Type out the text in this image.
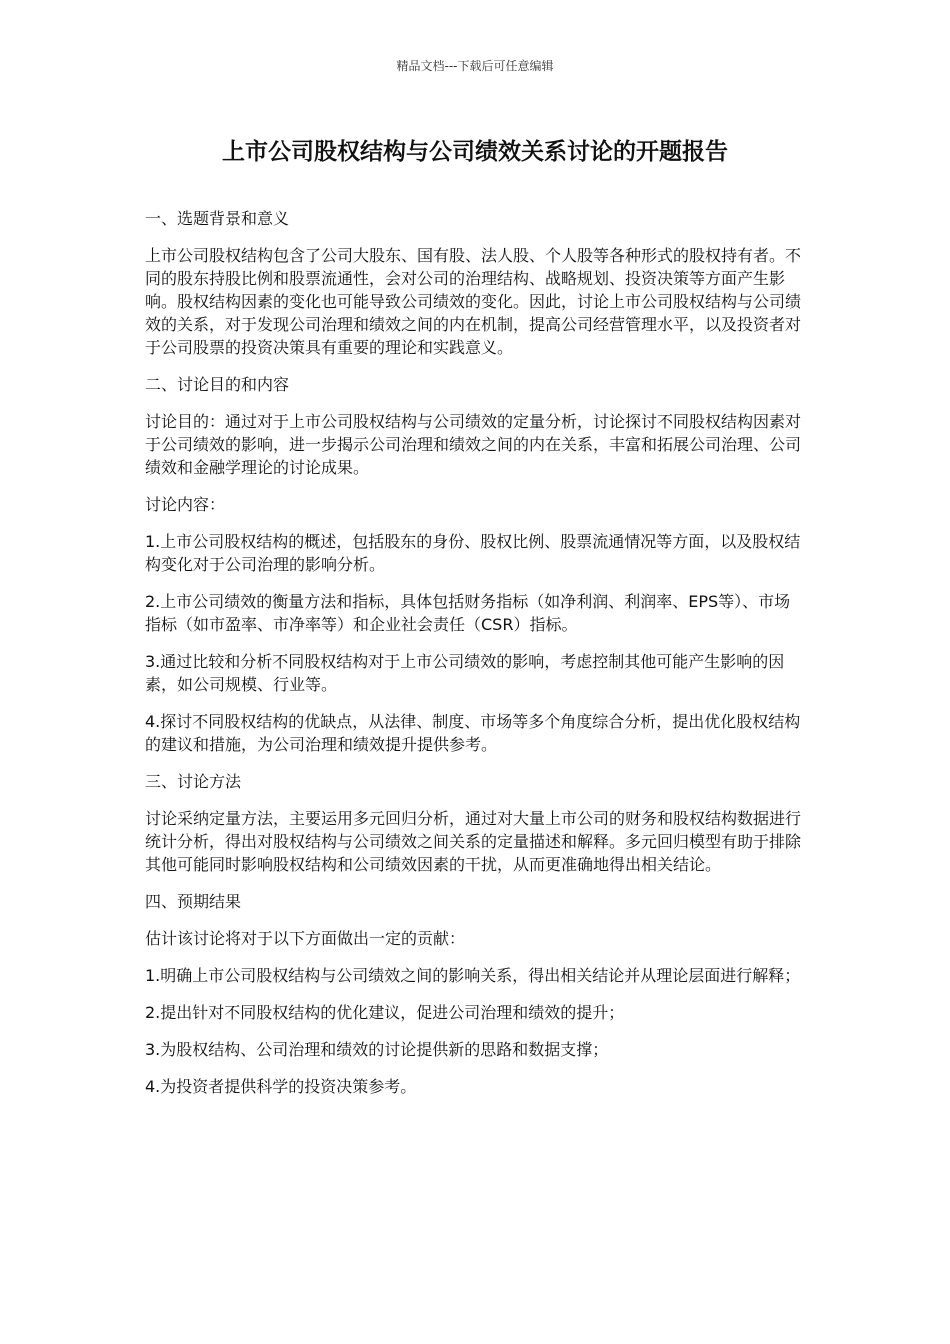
精品文档---下载后可任意编辑
上市公司股权结构与公司绩效关系讨论的开题报告

一、选题背景和意义

上市公司股权结构包含了公司大股东、国有股、法人股、个人股等各种形式的股权持有者。不同的股东持股比例和股票流通性，会对公司的治理结构、战略规划、投资决策等方面产生影响。股权结构因素的变化也可能导致公司绩效的变化。因此，讨论上市公司股权结构与公司绩效的关系，对于发现公司治理和绩效之间的内在机制，提高公司经营管理水平，以及投资者对于公司股票的投资决策具有重要的理论和实践意义。

二、讨论目的和内容

讨论目的：通过对于上市公司股权结构与公司绩效的定量分析，讨论探讨不同股权结构因素对于公司绩效的影响，进一步揭示公司治理和绩效之间的内在关系，丰富和拓展公司治理、公司绩效和金融学理论的讨论成果。

讨论内容：

1.上市公司股权结构的概述，包括股东的身份、股权比例、股票流通情况等方面，以及股权结构变化对于公司治理的影响分析。

2.上市公司绩效的衡量方法和指标，具体包括财务指标（如净利润、利润率、EPS等）、市场指标（如市盈率、市净率等）和企业社会责任（CSR）指标。

3.通过比较和分析不同股权结构对于上市公司绩效的影响，考虑控制其他可能产生影响的因素，如公司规模、行业等。

4.探讨不同股权结构的优缺点，从法律、制度、市场等多个角度综合分析，提出优化股权结构的建议和措施，为公司治理和绩效提升提供参考。

三、讨论方法

讨论采纳定量方法，主要运用多元回归分析，通过对大量上市公司的财务和股权结构数据进行统计分析，得出对股权结构与公司绩效之间关系的定量描述和解释。多元回归模型有助于排除其他可能同时影响股权结构和公司绩效因素的干扰，从而更准确地得出相关结论。

四、预期结果

估计该讨论将对于以下方面做出一定的贡献：

1.明确上市公司股权结构与公司绩效之间的影响关系，得出相关结论并从理论层面进行解释；

2.提出针对不同股权结构的优化建议，促进公司治理和绩效的提升；

3.为股权结构、公司治理和绩效的讨论提供新的思路和数据支撑；

4.为投资者提供科学的投资决策参考。
